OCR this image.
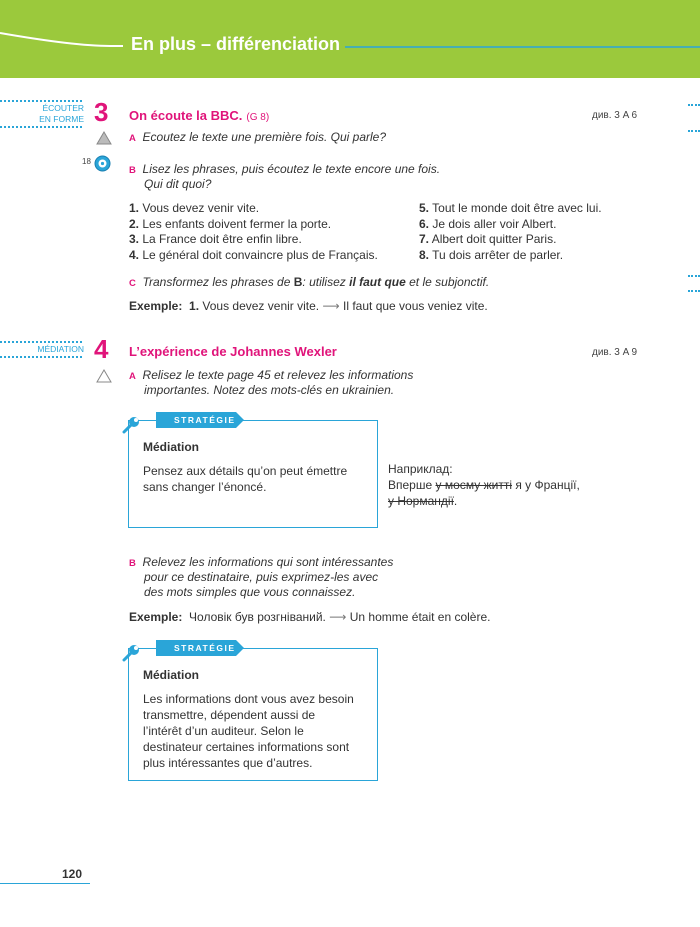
En plus – différenciation
ÉCOUTER
EN FORME
MÉDIATION
3 On écoute la BBC. (G 8)	див. 3 A 6
A Ecoutez le texte une première fois. Qui parle?
18
B Lisez les phrases, puis écoutez le texte encore une fois.
Qui dit quoi?
1. Vous devez venir vite.
2. Les enfants doivent fermer la porte.
3. La France doit être enfin libre.
4. Le général doit convaincre plus de Français.
5. Tout le monde doit être avec lui.
6. Je dois aller voir Albert.
7. Albert doit quitter Paris.
8. Tu dois arrêter de parler.
C Transformez les phrases de B: utilisez il faut que et le subjonctif.
Exemple: 1. Vous devez venir vite. ⟶ Il faut que vous veniez vite.
4 L’expérience de Johannes Wexler	див. 3 A 9
A Relisez le texte page 45 et relevez les informations
importantes. Notez des mots-clés en ukrainien.
STRATÉGIE
Médiation
Pensez aux détails qu’on peut émettre
sans changer l’énoncé.
Наприклад:
Вперше у моєму житті я у Франції,
у Нормандії.
B Relevez les informations qui sont intéressantes
pour ce destinataire, puis exprimez-les avec
des mots simples que vous connaissez.
Exemple: Чоловік був розгніваний. ⟶ Un homme était en colère.
STRATÉGIE
Médiation
Les informations dont vous avez besoin
transmettre, dépendent aussi de
l’intérêt d’un auditeur. Selon le
destinateur certaines informations sont
plus intéressantes que d’autres.
120
